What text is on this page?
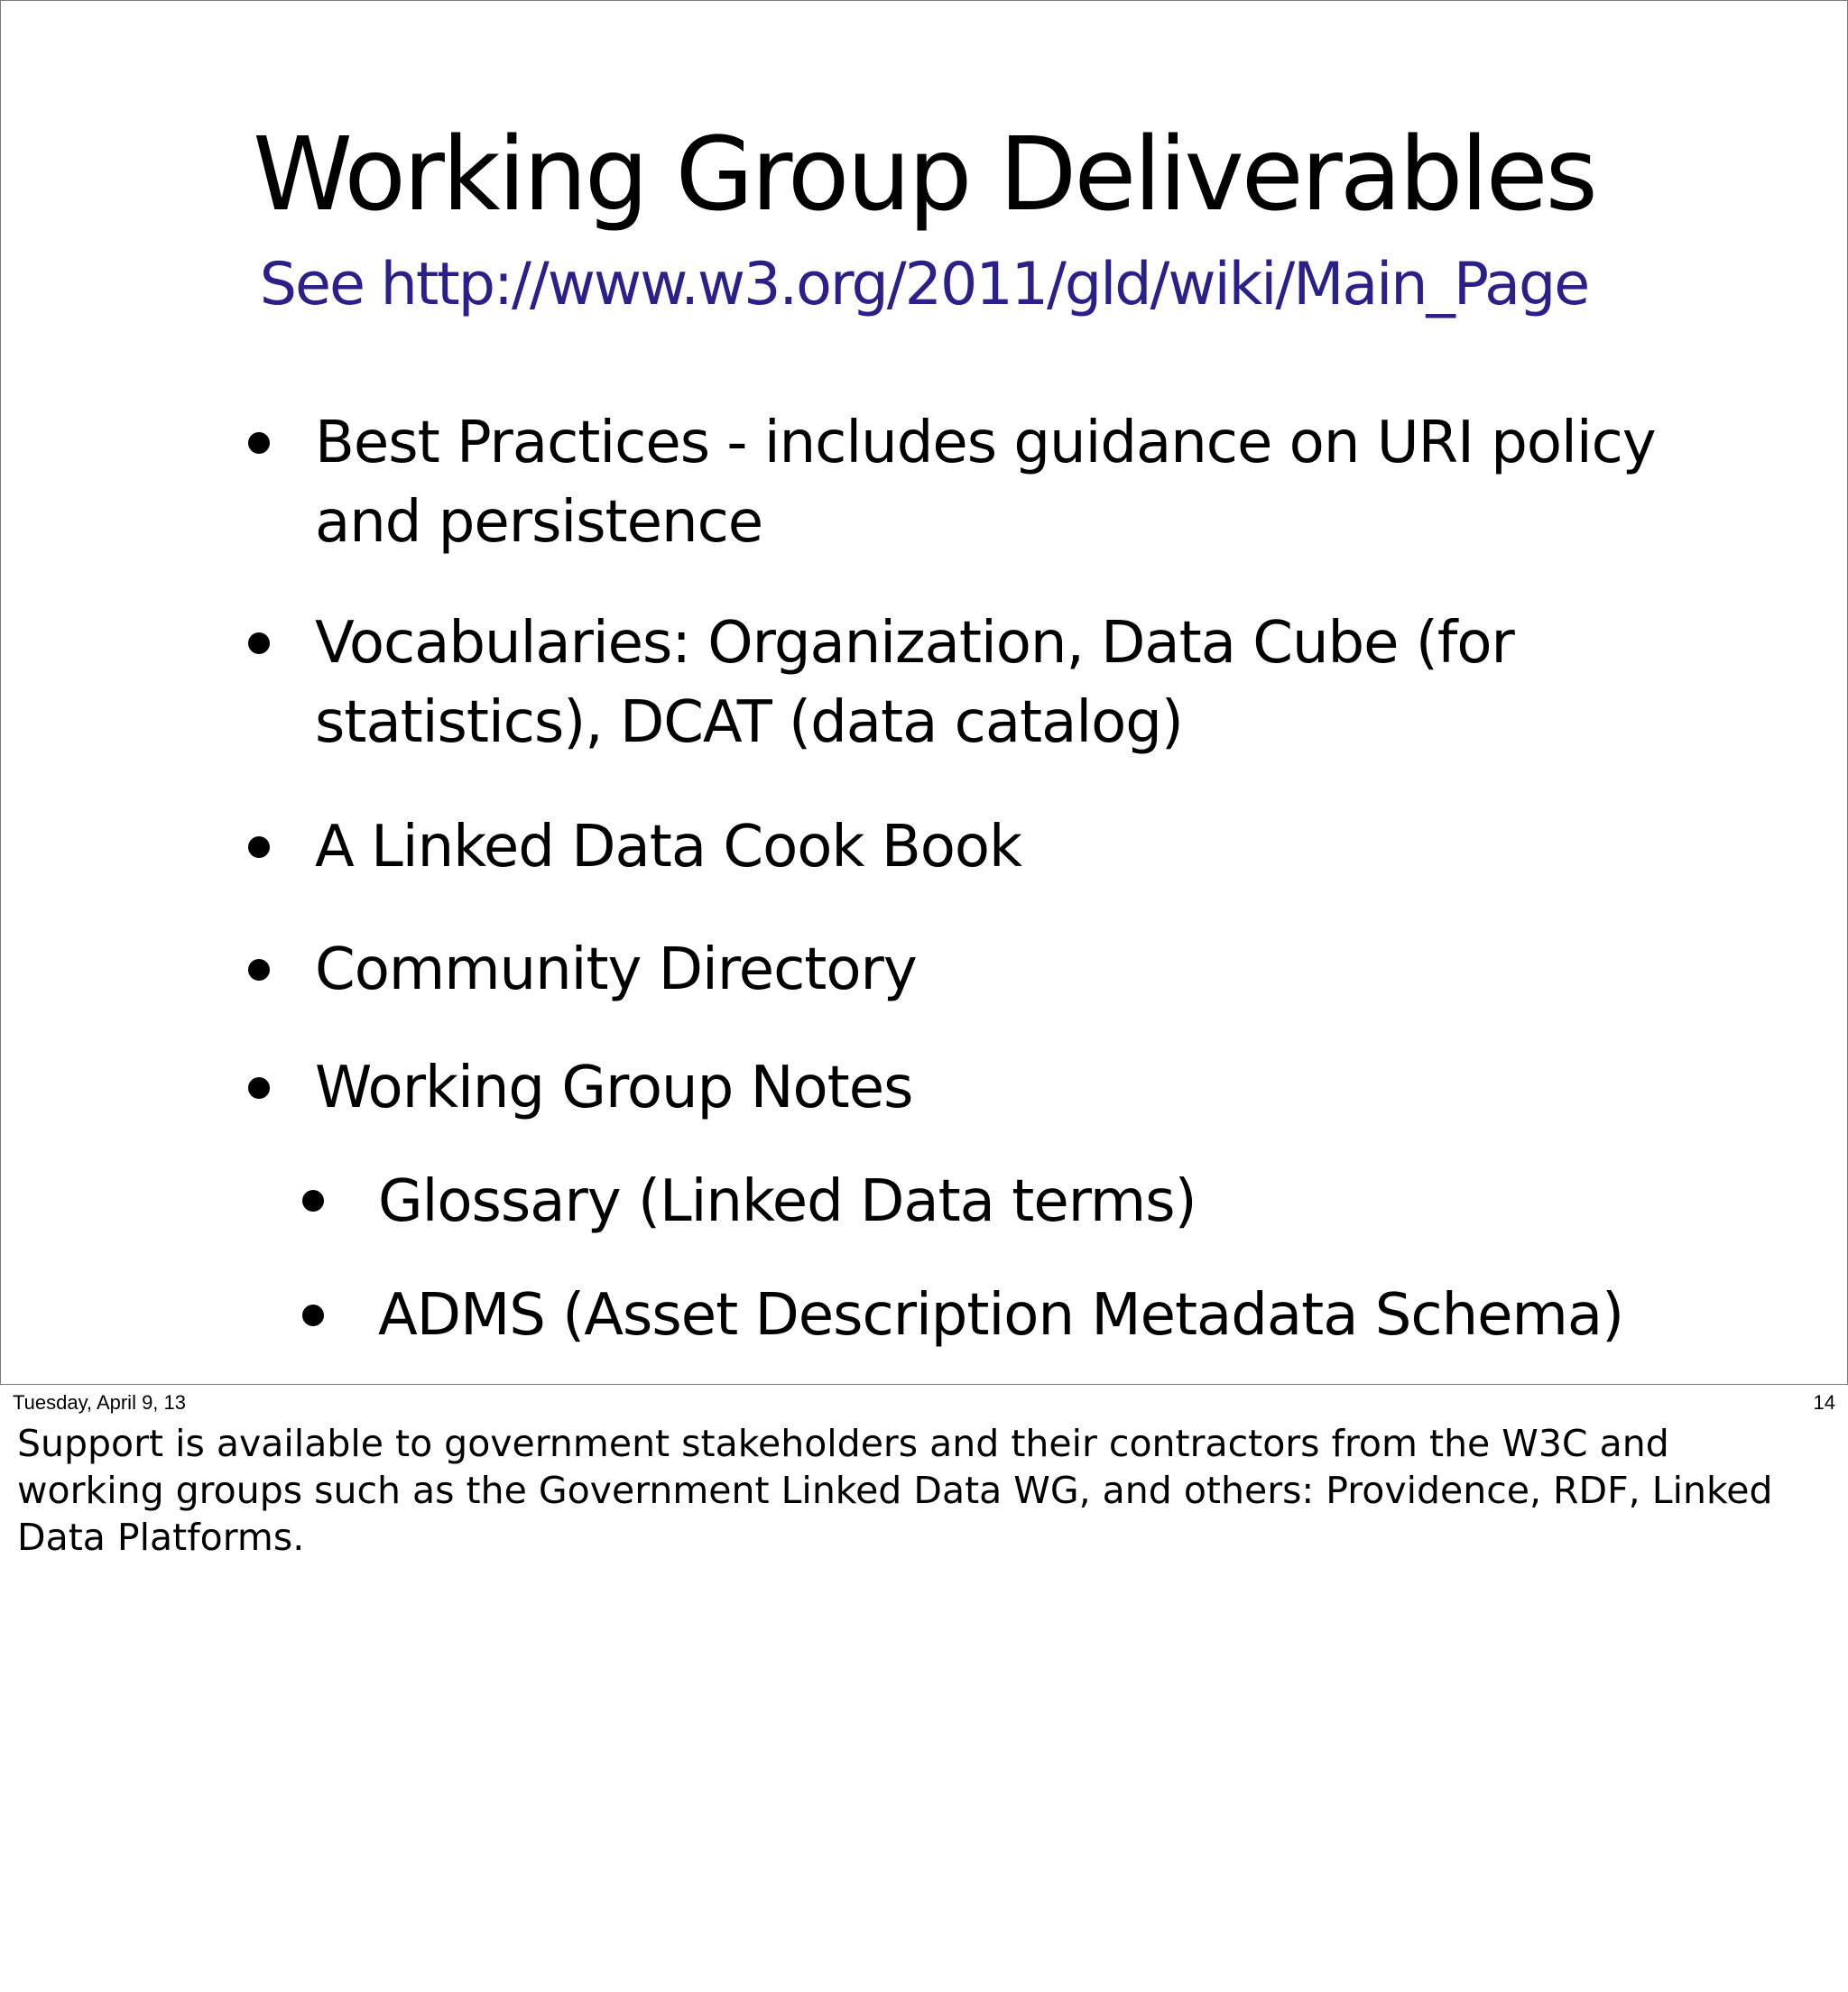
Working Group Deliverables
See http://www.w3.org/2011/gld/wiki/Main_Page
Best Practices - includes guidance on URI policy
and persistence
Vocabularies: Organization, Data Cube (for
statistics), DCAT (data catalog)
A Linked Data Cook Book
Community Directory
Working Group Notes
Glossary (Linked Data terms)
ADMS (Asset Description Metadata Schema)
Tuesday, April 9, 13	14
Support is available to government stakeholders and their contractors from the W3C and working groups such as the Government Linked Data WG, and others: Providence, RDF, Linked Data Platforms.
